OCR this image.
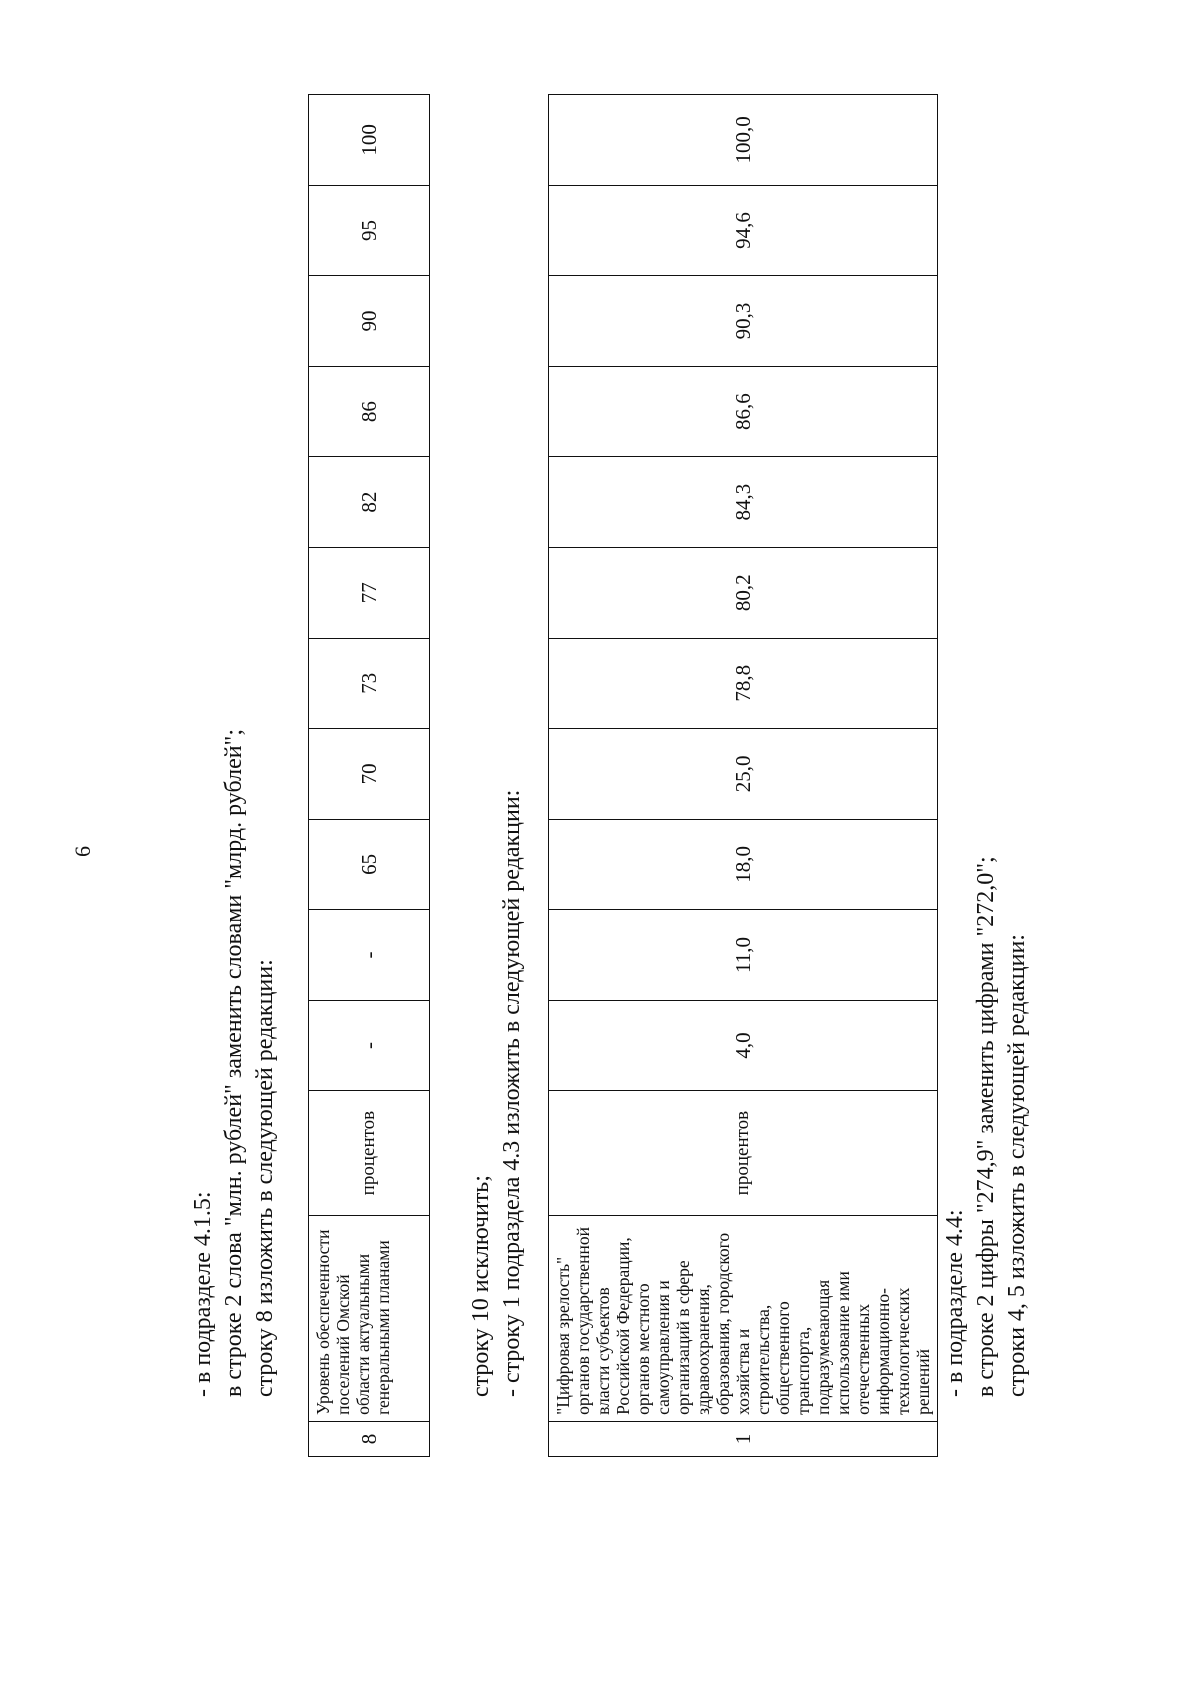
6
- в подразделе 4.1.5: в строке 2 слова "млн. рублей" заменить словами "млрд. рублей"; строку 8 изложить в следующей редакции:
8	Уровень обеспеченности поселений Омской области актуальными генеральными планами	процентов	-	-	65	70	73	77	82	86	90	95	100
строку 10 исключить; - строку 1 подраздела 4.3 изложить в следующей редакции:
1	"Цифровая зрелость" органов государственной власти субъектов Российской Федерации, органов местного самоуправления и организаций в сфере здравоохранения, образования, городского хозяйства и строительства, общественного транспорта, подразумевающая использование ими отечественных информационно-технологических решений	процентов	4,0	11,0	18,0	25,0	78,8	80,2	84,3	86,6	90,3	94,6	100,0
- в подразделе 4.4: в строке 2 цифры "274,9" заменить цифрами "272,0"; строки 4, 5 изложить в следующей редакции:
